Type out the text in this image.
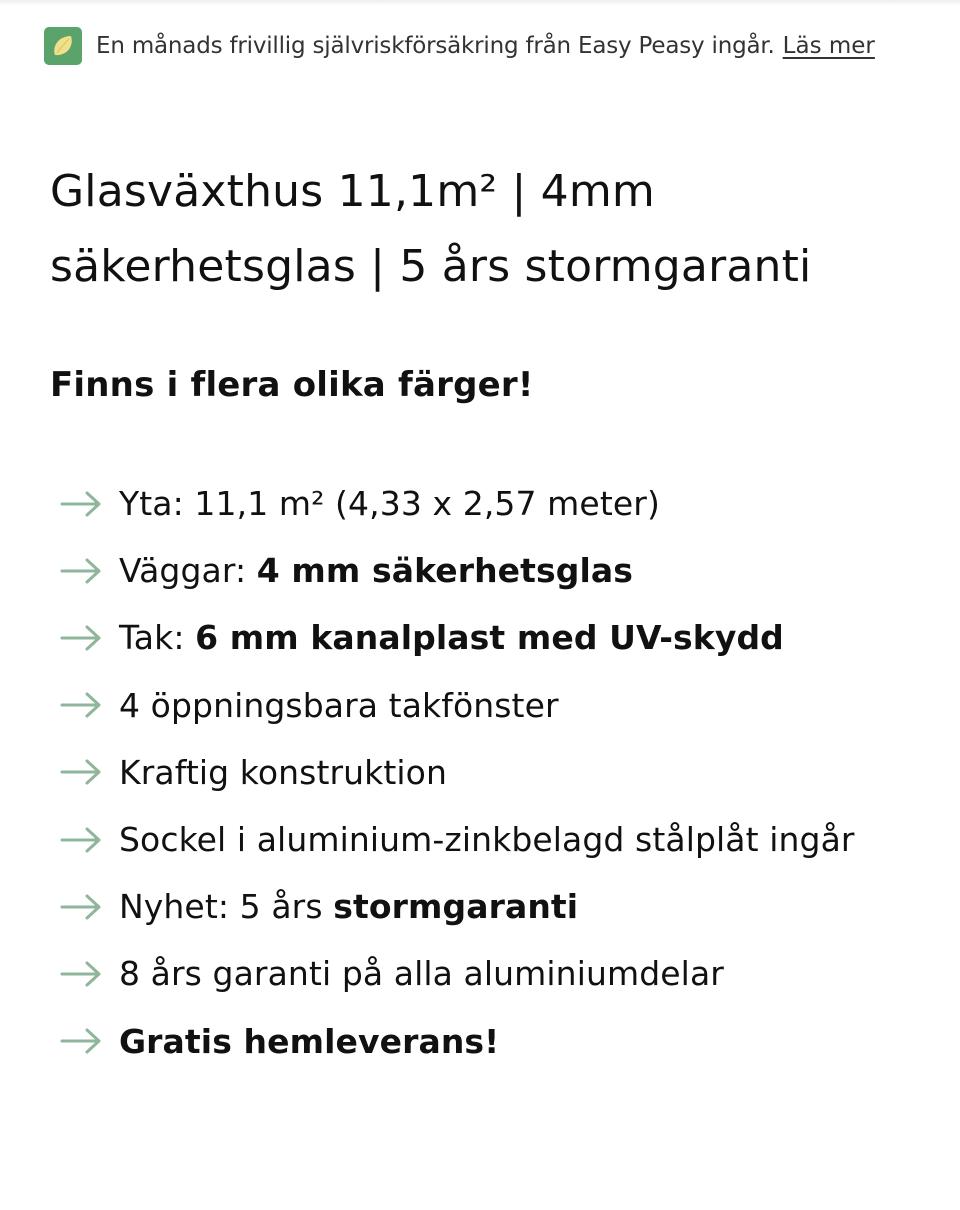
En månads frivillig självriskförsäkring från Easy Peasy ingår. Läs mer
Glasväxthus 11,1m² | 4mm
säkerhetsglas | 5 års stormgaranti
Finns i flera olika färger!
Yta: 11,1 m² (4,33 x 2,57 meter)
Väggar: 4 mm säkerhetsglas
Tak: 6 mm kanalplast med UV-skydd
4 öppningsbara takfönster
Kraftig konstruktion
Sockel i aluminium-zinkbelagd stålplåt ingår
Nyhet: 5 års stormgaranti
8 års garanti på alla aluminiumdelar
Gratis hemleverans!
